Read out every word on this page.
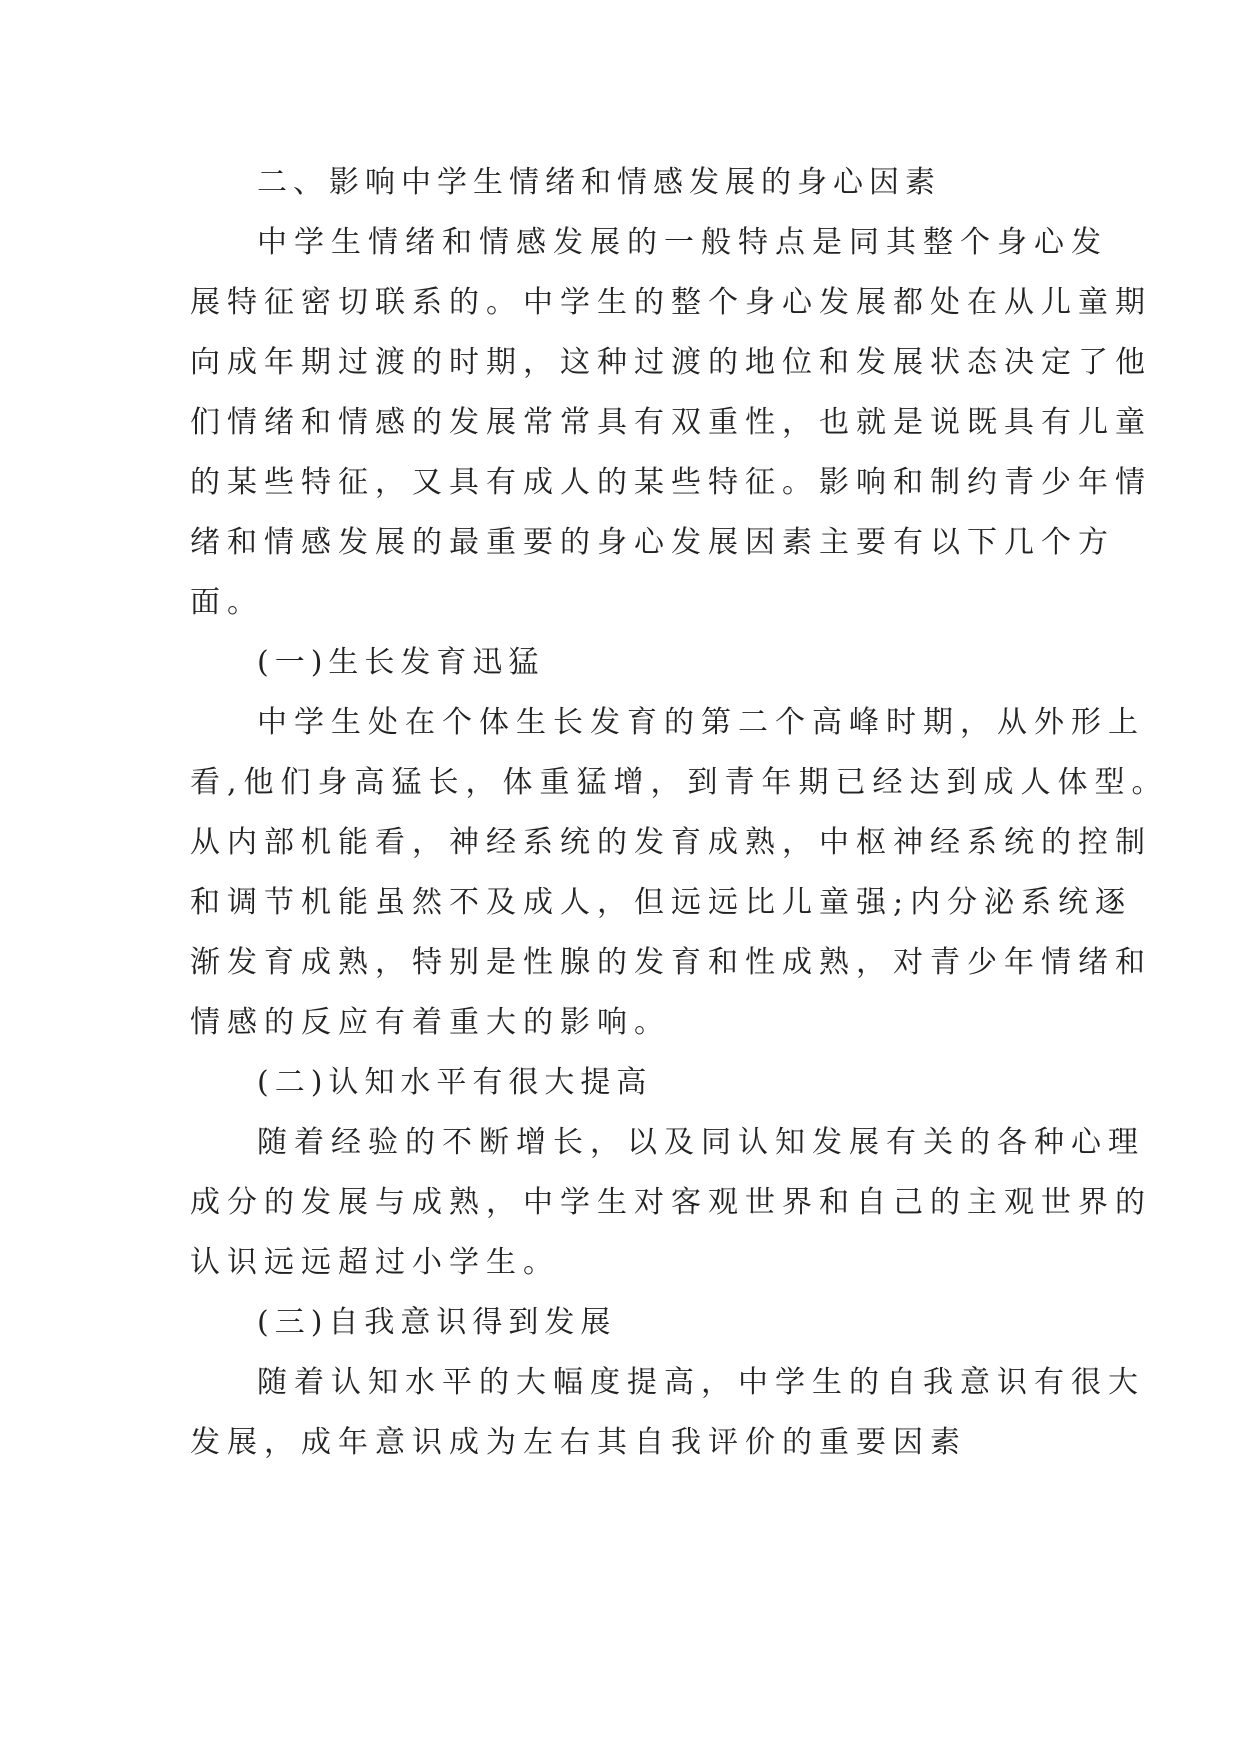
二、影响中学生情绪和情感发展的身心因素

中学生情绪和情感发展的一般特点是同其整个身心发
展特征密切联系的。中学生的整个身心发展都处在从儿童期
向成年期过渡的时期，这种过渡的地位和发展状态决定了他
们情绪和情感的发展常常具有双重性，也就是说既具有儿童
的某些特征，又具有成人的某些特征。影响和制约青少年情
绪和情感发展的最重要的身心发展因素主要有以下几个方
面。

(一)生长发育迅猛

中学生处在个体生长发育的第二个高峰时期，从外形上
看,他们身高猛长，体重猛增，到青年期已经达到成人体型。
从内部机能看，神经系统的发育成熟，中枢神经系统的控制
和调节机能虽然不及成人，但远远比儿童强;内分泌系统逐
渐发育成熟，特别是性腺的发育和性成熟，对青少年情绪和
情感的反应有着重大的影响。

(二)认知水平有很大提高

随着经验的不断增长，以及同认知发展有关的各种心理
成分的发展与成熟，中学生对客观世界和自己的主观世界的
认识远远超过小学生。

(三)自我意识得到发展

随着认知水平的大幅度提高，中学生的自我意识有很大
发展，成年意识成为左右其自我评价的重要因素
